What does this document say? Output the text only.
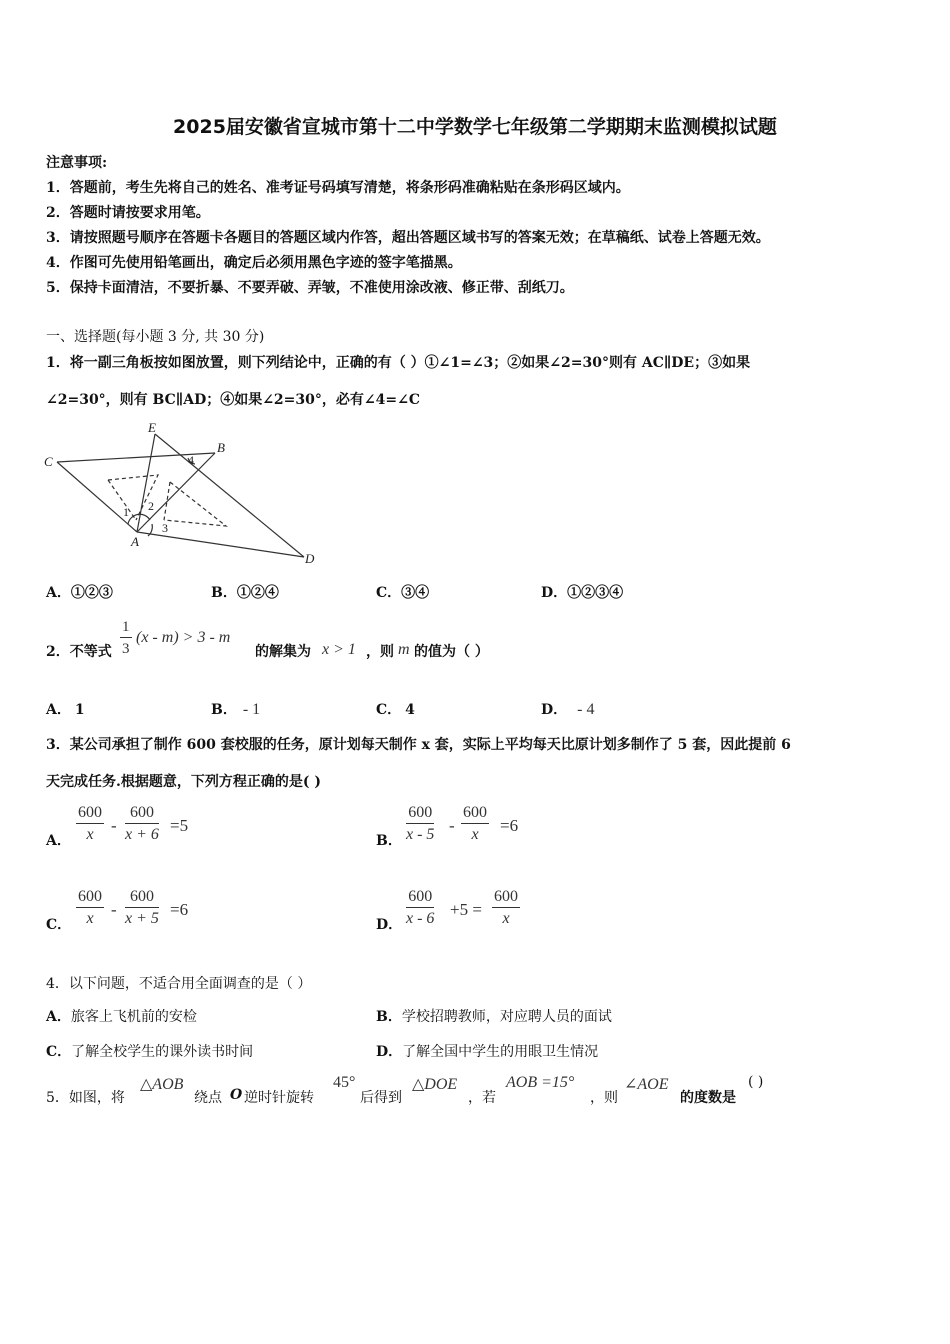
2025届安徽省宣城市第十二中学数学七年级第二学期期末监测模拟试题
注意事项:
1．答题前，考生先将自己的姓名、准考证号码填写清楚，将条形码准确粘贴在条形码区域内。
2．答题时请按要求用笔。
3．请按照题号顺序在答题卡各题目的答题区域内作答，超出答题区域书写的答案无效；在草稿纸、试卷上答题无效。
4．作图可先使用铅笔画出，确定后必须用黑色字迹的签字笔描黑。
5．保持卡面清洁，不要折暴、不要弄破、弄皱，不准使用涂改液、修正带、刮纸刀。
一、选择题(每小题 3 分, 共 30 分)
1．将一副三角板按如图放置，则下列结论中，正确的有（ ）①∠1=∠3；②如果∠2=30°则有 AC∥DE；③如果
∠2=30°，则有 BC∥AD；④如果∠2=30°，必有∠4=∠C
E
B
C
A
D
1 2
3
4
A．①②③	B．①②④	C．③④	D．①②③④
2．不等式 $\frac{1}{3} (x - m) > 3 - m$
的解集为 x > 1 ，则 m 的值为（ ）
A． 1	B． - 1	C． 4	D． - 4
3．某公司承担了制作 600 套校服的任务，原计划每天制作 x 套，实际上平均每天比原计划多制作了 5 套，因此提前 6
天完成任务.根据题意，下列方程正确的是( )
A． $\frac{600}{x} - \frac{600}{x + 6} =5$
B． $\frac{600}{x - 5} - \frac{600}{x} =6$
C． $\frac{600}{x} - \frac{600}{x + 5} =6$
D． $\frac{600}{x - 6} +5 = \frac{600}{x}$
4．以下问题，不适合用全面调查的是（ ）
A．旅客上飞机前的安检	B．学校招聘教师，对应聘人员的面试
C．了解全校学生的课外读书时间	D．了解全国中学生的用眼卫生情况
5．如图，将
△AOB
绕点 O 逆时针旋转
45°
后得到
△DOE
，若
AOB =15°
，则
∠AOE
的度数是
( )
